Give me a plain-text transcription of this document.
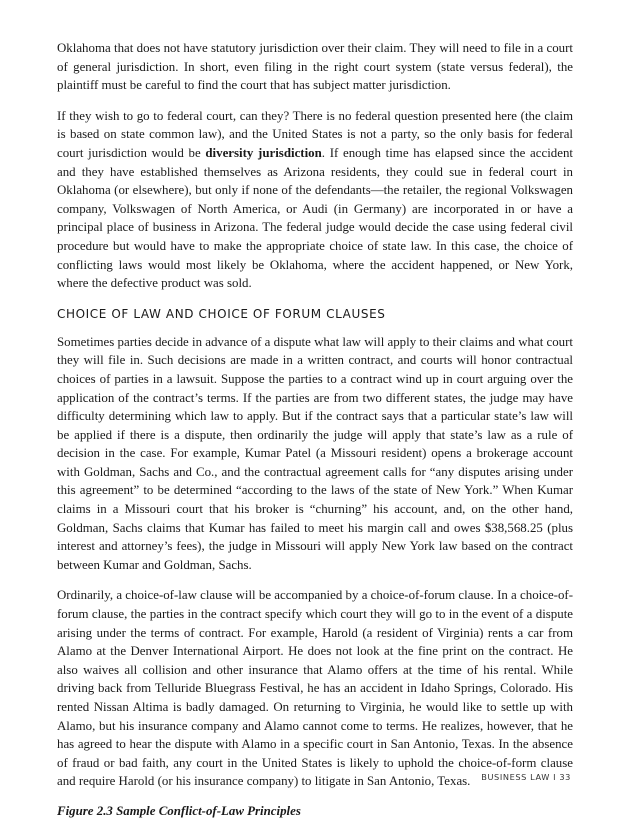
Oklahoma that does not have statutory jurisdiction over their claim. They will need to file in a court of general jurisdiction. In short, even filing in the right court system (state versus federal), the plaintiff must be careful to find the court that has subject matter jurisdiction.

If they wish to go to federal court, can they? There is no federal question presented here (the claim is based on state common law), and the United States is not a party, so the only basis for federal court jurisdiction would be diversity jurisdiction. If enough time has elapsed since the accident and they have established themselves as Arizona residents, they could sue in federal court in Oklahoma (or elsewhere), but only if none of the defendants—the retailer, the regional Volkswagen company, Volkswagen of North America, or Audi (in Germany) are incorporated in or have a principal place of business in Arizona. The federal judge would decide the case using federal civil procedure but would have to make the appropriate choice of state law. In this case, the choice of conflicting laws would most likely be Oklahoma, where the accident happened, or New York, where the defective product was sold.

CHOICE OF LAW AND CHOICE OF FORUM CLAUSES

Sometimes parties decide in advance of a dispute what law will apply to their claims and what court they will file in. Such decisions are made in a written contract, and courts will honor contractual choices of parties in a lawsuit. Suppose the parties to a contract wind up in court arguing over the application of the contract’s terms. If the parties are from two different states, the judge may have difficulty determining which law to apply. But if the contract says that a particular state’s law will be applied if there is a dispute, then ordinarily the judge will apply that state’s law as a rule of decision in the case. For example, Kumar Patel (a Missouri resident) opens a brokerage account with Goldman, Sachs and Co., and the contractual agreement calls for “any disputes arising under this agreement” to be determined “according to the laws of the state of New York.” When Kumar claims in a Missouri court that his broker is “churning” his account, and, on the other hand, Goldman, Sachs claims that Kumar has failed to meet his margin call and owes $38,568.25 (plus interest and attorney’s fees), the judge in Missouri will apply New York law based on the contract between Kumar and Goldman, Sachs.

Ordinarily, a choice-of-law clause will be accompanied by a choice-of-forum clause. In a choice-of-forum clause, the parties in the contract specify which court they will go to in the event of a dispute arising under the terms of contract. For example, Harold (a resident of Virginia) rents a car from Alamo at the Denver International Airport. He does not look at the fine print on the contract. He also waives all collision and other insurance that Alamo offers at the time of his rental. While driving back from Telluride Bluegrass Festival, he has an accident in Idaho Springs, Colorado. His rented Nissan Altima is badly damaged. On returning to Virginia, he would like to settle up with Alamo, but his insurance company and Alamo cannot come to terms. He realizes, however, that he has agreed to hear the dispute with Alamo in a specific court in San Antonio, Texas. In the absence of fraud or bad faith, any court in the United States is likely to uphold the choice-of-form clause and require Harold (or his insurance company) to litigate in San Antonio, Texas.

Figure 2.3 Sample Conflict-of-Law Principles

BUSINESS LAW I 33
